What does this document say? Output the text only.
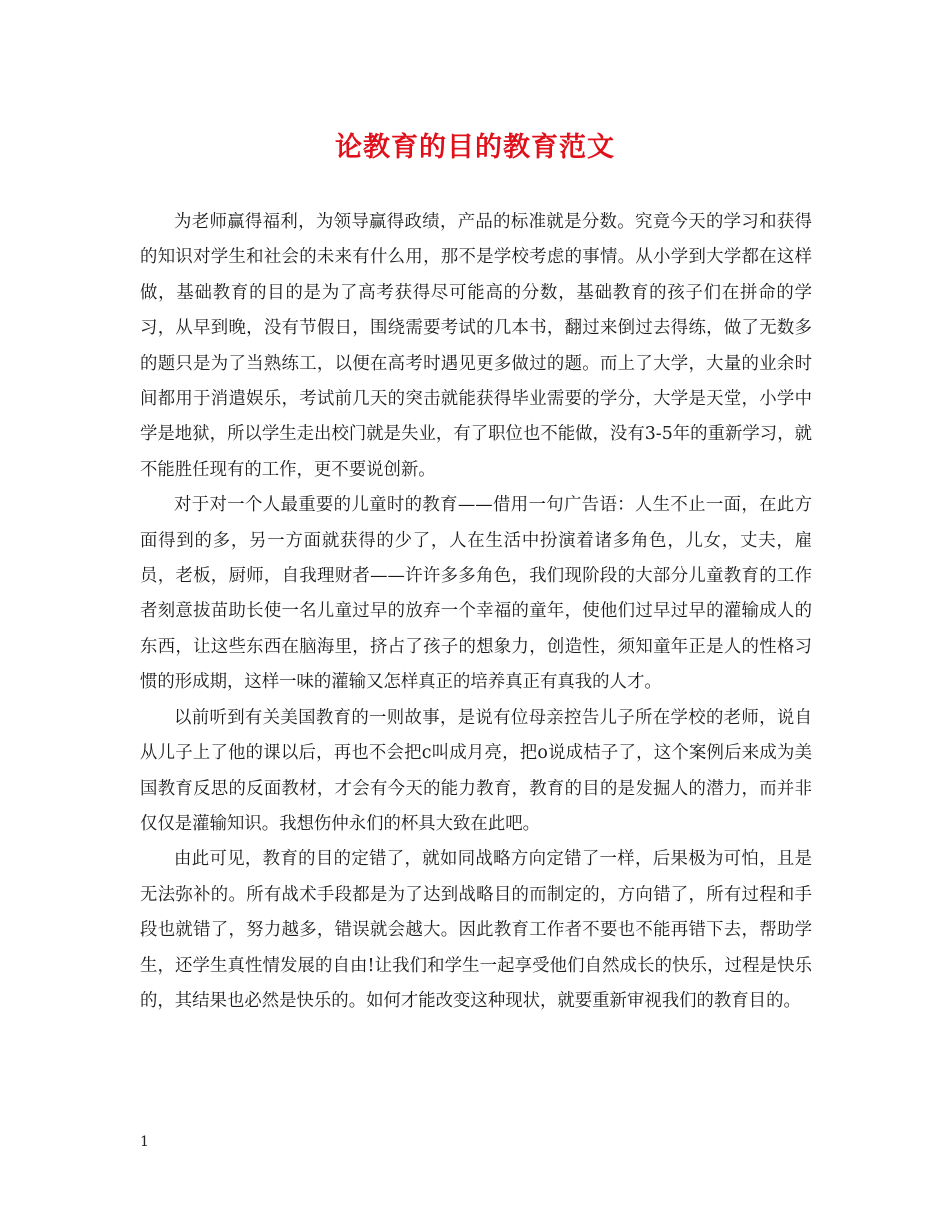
论教育的目的教育范文

为老师赢得福利，为领导赢得政绩，产品的标准就是分数。究竟今天的学习和获得的知识对学生和社会的未来有什么用，那不是学校考虑的事情。从小学到大学都在这样做，基础教育的目的是为了高考获得尽可能高的分数，基础教育的孩子们在拼命的学习，从早到晚，没有节假日，围绕需要考试的几本书，翻过来倒过去得练，做了无数多的题只是为了当熟练工，以便在高考时遇见更多做过的题。而上了大学，大量的业余时间都用于消遣娱乐，考试前几天的突击就能获得毕业需要的学分，大学是天堂，小学中学是地狱，所以学生走出校门就是失业，有了职位也不能做，没有3-5年的重新学习，就不能胜任现有的工作，更不要说创新。

对于对一个人最重要的儿童时的教育——借用一句广告语：人生不止一面，在此方面得到的多，另一方面就获得的少了，人在生活中扮演着诸多角色，儿女，丈夫，雇员，老板，厨师，自我理财者——许许多多角色，我们现阶段的大部分儿童教育的工作者刻意拔苗助长使一名儿童过早的放弃一个幸福的童年，使他们过早过早的灌输成人的东西，让这些东西在脑海里，挤占了孩子的想象力，创造性，须知童年正是人的性格习惯的形成期，这样一味的灌输又怎样真正的培养真正有真我的人才。

以前听到有关美国教育的一则故事，是说有位母亲控告儿子所在学校的老师，说自从儿子上了他的课以后，再也不会把c叫成月亮，把o说成桔子了，这个案例后来成为美国教育反思的反面教材，才会有今天的能力教育，教育的目的是发掘人的潜力，而并非仅仅是灌输知识。我想伤仲永们的杯具大致在此吧。

由此可见，教育的目的定错了，就如同战略方向定错了一样，后果极为可怕，且是无法弥补的。所有战术手段都是为了达到战略目的而制定的，方向错了，所有过程和手段也就错了，努力越多，错误就会越大。因此教育工作者不要也不能再错下去，帮助学生，还学生真性情发展的自由!让我们和学生一起享受他们自然成长的快乐，过程是快乐的，其结果也必然是快乐的。如何才能改变这种现状，就要重新审视我们的教育目的。

1
